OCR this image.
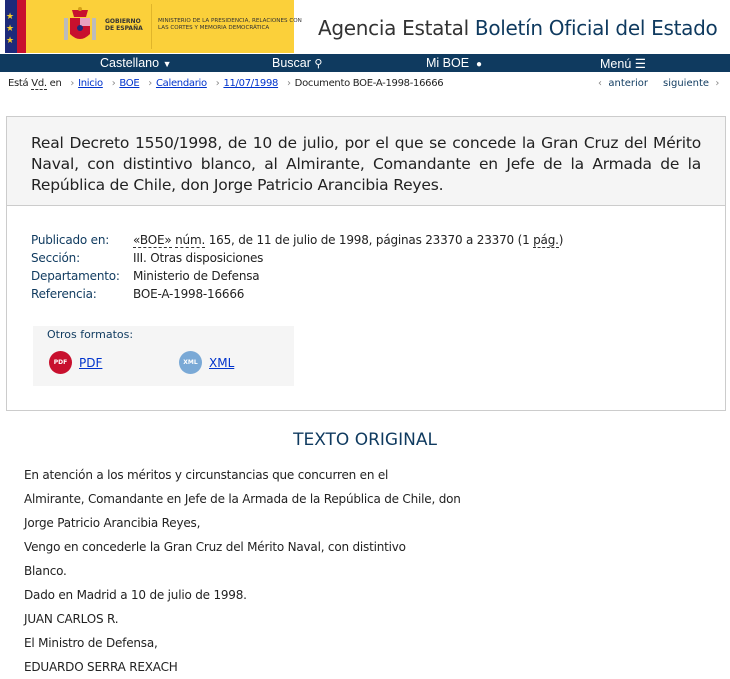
★
★
★
GOBIERNO DE ESPAÑA
MINISTERIO DE LA PRESIDENCIA, RELACIONES CON LAS CORTES Y MEMORIA DEMOCRÁTICA	Agencia Estatal Boletín Oficial del Estado
Castellano ▼	Buscar ⚲	Mi BOE ●	Menú ☰
Está Vd. en › Inicio › BOE › Calendario › 11/07/1998 › Documento BOE-A-1998-16666	‹ anterior siguiente ›
Real Decreto 1550/1998, de 10 de julio, por el que se concede la Gran Cruz del Mérito Naval, con distintivo blanco, al Almirante, Comandante en Jefe de la Armada de la República de Chile, don Jorge Patricio Arancibia Reyes.
Publicado en: «BOE» núm. 165, de 11 de julio de 1998, páginas 23370 a 23370 (1 pág.)
Sección:	III. Otras disposiciones
Departamento: Ministerio de Defensa
Referencia:	BOE-A-1998-16666
Otros formatos:
PDF PDF	XML XML
TEXTO ORIGINAL

En atención a los méritos y circunstancias que concurren en el

Almirante, Comandante en Jefe de la Armada de la República de Chile, don

Jorge Patricio Arancibia Reyes,

Vengo en concederle la Gran Cruz del Mérito Naval, con distintivo

Blanco.

Dado en Madrid a 10 de julio de 1998.

JUAN CARLOS R.

El Ministro de Defensa,

EDUARDO SERRA REXACH
